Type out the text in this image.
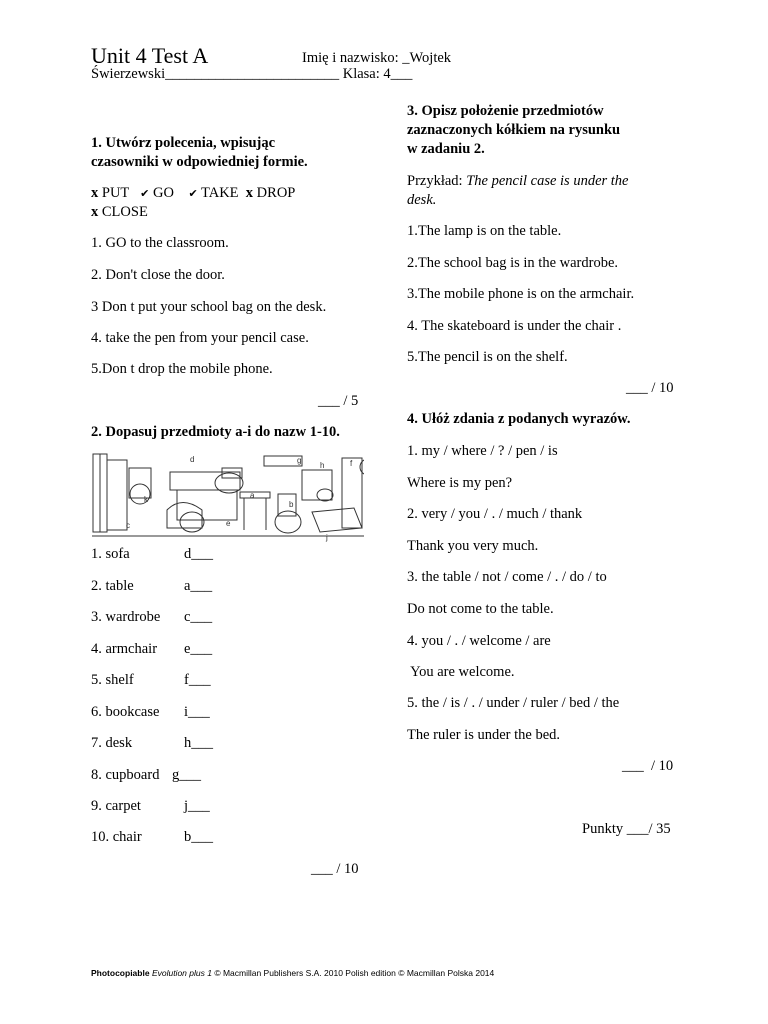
Unit 4 Test A	Imię i nazwisko: _Wojtek
Świerzewski________________________ Klasa: 4___
1. Utwórz polecenia, wpisując
czasowniki w odpowiedniej formie.
x PUT ✔ GO ✔ TAKE x DROP
x CLOSE
1. GO to the classroom.
2. Don't close the door.
3 Don t put your school bag on the desk.
4. take the pen from your pencil case.
5.Don t drop the mobile phone.
___ / 5
2. Dopasuj przedmioty a-i do nazw 1-10.
d	g
h	f
k	a
b
c	e
j
1. sofa	d___
2. table	a___
3. wardrobe c___
4. armchair e___
5. shelf	f___
6. bookcase i___
7. desk	h___
8. cupboard g___
9. carpet	j___
10. chair	b___
___ / 10
3. Opisz położenie przedmiotów
zaznaczonych kółkiem na rysunku
w zadaniu 2.
Przykład: The pencil case is under the
desk.
1.The lamp is on the table.
2.The school bag is in the wardrobe.
3.The mobile phone is on the armchair.
4. The skateboard is under the chair .
5.The pencil is on the shelf.
___ / 10
4. Ułóż zdania z podanych wyrazów.
1. my / where / ? / pen / is
Where is my pen?
2. very / you / . / much / thank
Thank you very much.
3. the table / not / come / . / do / to
Do not come to the table.
4. you / . / welcome / are
You are welcome.
5. the / is / . / under / ruler / bed / the
The ruler is under the bed.
___  / 10
Punkty ___/ 35
Photocopiable Evolution plus 1 © Macmillan Publishers S.A. 2010 Polish edition © Macmillan Polska 2014
